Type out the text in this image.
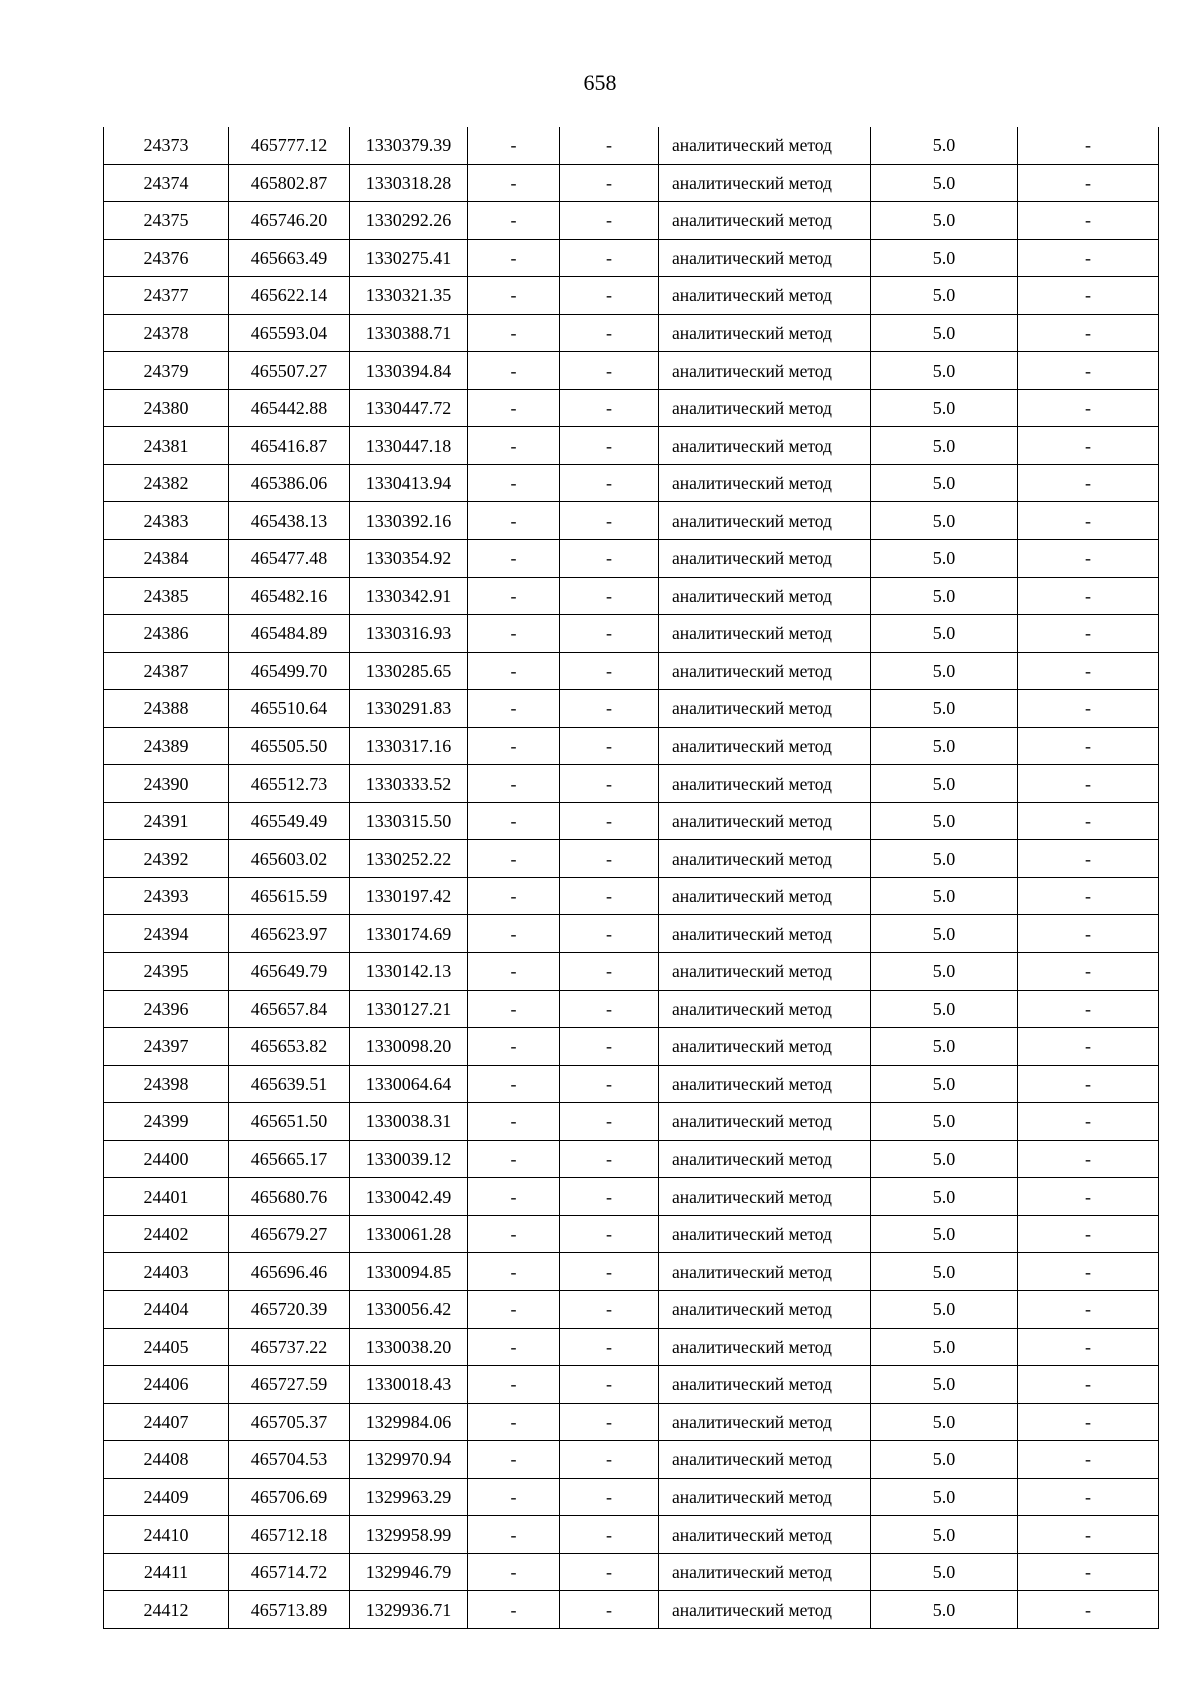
658
24373	465777.12	1330379.39	-	-	аналитический метод	5.0	-
24374	465802.87	1330318.28	-	-	аналитический метод	5.0	-
24375	465746.20	1330292.26	-	-	аналитический метод	5.0	-
24376	465663.49	1330275.41	-	-	аналитический метод	5.0	-
24377	465622.14	1330321.35	-	-	аналитический метод	5.0	-
24378	465593.04	1330388.71	-	-	аналитический метод	5.0	-
24379	465507.27	1330394.84	-	-	аналитический метод	5.0	-
24380	465442.88	1330447.72	-	-	аналитический метод	5.0	-
24381	465416.87	1330447.18	-	-	аналитический метод	5.0	-
24382	465386.06	1330413.94	-	-	аналитический метод	5.0	-
24383	465438.13	1330392.16	-	-	аналитический метод	5.0	-
24384	465477.48	1330354.92	-	-	аналитический метод	5.0	-
24385	465482.16	1330342.91	-	-	аналитический метод	5.0	-
24386	465484.89	1330316.93	-	-	аналитический метод	5.0	-
24387	465499.70	1330285.65	-	-	аналитический метод	5.0	-
24388	465510.64	1330291.83	-	-	аналитический метод	5.0	-
24389	465505.50	1330317.16	-	-	аналитический метод	5.0	-
24390	465512.73	1330333.52	-	-	аналитический метод	5.0	-
24391	465549.49	1330315.50	-	-	аналитический метод	5.0	-
24392	465603.02	1330252.22	-	-	аналитический метод	5.0	-
24393	465615.59	1330197.42	-	-	аналитический метод	5.0	-
24394	465623.97	1330174.69	-	-	аналитический метод	5.0	-
24395	465649.79	1330142.13	-	-	аналитический метод	5.0	-
24396	465657.84	1330127.21	-	-	аналитический метод	5.0	-
24397	465653.82	1330098.20	-	-	аналитический метод	5.0	-
24398	465639.51	1330064.64	-	-	аналитический метод	5.0	-
24399	465651.50	1330038.31	-	-	аналитический метод	5.0	-
24400	465665.17	1330039.12	-	-	аналитический метод	5.0	-
24401	465680.76	1330042.49	-	-	аналитический метод	5.0	-
24402	465679.27	1330061.28	-	-	аналитический метод	5.0	-
24403	465696.46	1330094.85	-	-	аналитический метод	5.0	-
24404	465720.39	1330056.42	-	-	аналитический метод	5.0	-
24405	465737.22	1330038.20	-	-	аналитический метод	5.0	-
24406	465727.59	1330018.43	-	-	аналитический метод	5.0	-
24407	465705.37	1329984.06	-	-	аналитический метод	5.0	-
24408	465704.53	1329970.94	-	-	аналитический метод	5.0	-
24409	465706.69	1329963.29	-	-	аналитический метод	5.0	-
24410	465712.18	1329958.99	-	-	аналитический метод	5.0	-
24411	465714.72	1329946.79	-	-	аналитический метод	5.0	-
24412	465713.89	1329936.71	-	-	аналитический метод	5.0	-
